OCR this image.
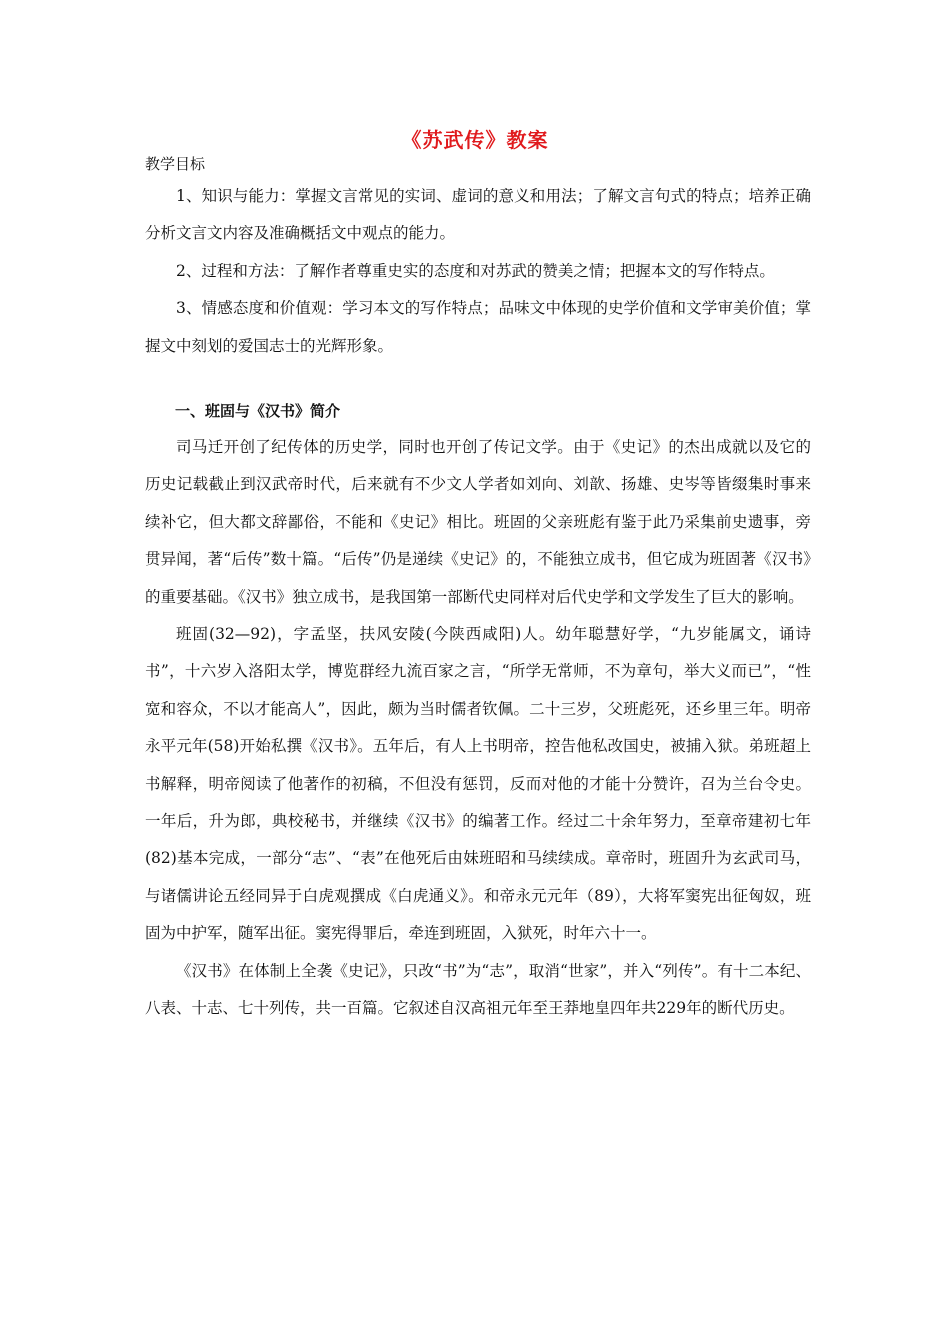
《苏武传》教案
教学目标

1、知识与能力：掌握文言常见的实词、虚词的意义和用法；了解文言句式的特点；培养正确分析文言文内容及准确概括文中观点的能力。

2、过程和方法：了解作者尊重史实的态度和对苏武的赞美之情；把握本文的写作特点。

3、情感态度和价值观：学习本文的写作特点；品味文中体现的史学价值和文学审美价值；掌握文中刻划的爱国志士的光辉形象。

一、班固与《汉书》简介

司马迁开创了纪传体的历史学，同时也开创了传记文学。由于《史记》的杰出成就以及它的历史记载截止到汉武帝时代，后来就有不少文人学者如刘向、刘歆、扬雄、史岑等皆缀集时事来续补它，但大都文辞鄙俗，不能和《史记》相比。班固的父亲班彪有鉴于此乃采集前史遗事，旁贯异闻，著“后传”数十篇。“后传”仍是递续《史记》的，不能独立成书，但它成为班固著《汉书》的重要基础。《汉书》独立成书，是我国第一部断代史同样对后代史学和文学发生了巨大的影响。

班固(32—92)，字孟坚，扶风安陵(今陕西咸阳)人。幼年聪慧好学，“九岁能属文，诵诗书”，十六岁入洛阳太学，博览群经九流百家之言，“所学无常师，不为章句，举大义而已”，“性宽和容众，不以才能高人”，因此，颇为当时儒者钦佩。二十三岁，父班彪死，还乡里三年。明帝永平元年(58)开始私撰《汉书》。五年后，有人上书明帝，控告他私改国史，被捕入狱。弟班超上书解释，明帝阅读了他著作的初稿，不但没有惩罚，反而对他的才能十分赞许，召为兰台令史。一年后，升为郎，典校秘书，并继续《汉书》的编著工作。经过二十余年努力，至章帝建初七年(82)基本完成，一部分“志”、“表”在他死后由妹班昭和马续续成。章帝时，班固升为玄武司马，与诸儒讲论五经同异于白虎观撰成《白虎通义》。和帝永元元年（89），大将军窦宪出征匈奴，班固为中护军，随军出征。窦宪得罪后，牵连到班固，入狱死，时年六十一。

《汉书》在体制上全袭《史记》，只改“书”为“志”，取消“世家”，并入“列传”。有十二本纪、八表、十志、七十列传，共一百篇。它叙述自汉高祖元年至王莽地皇四年共229年的断代历史。
